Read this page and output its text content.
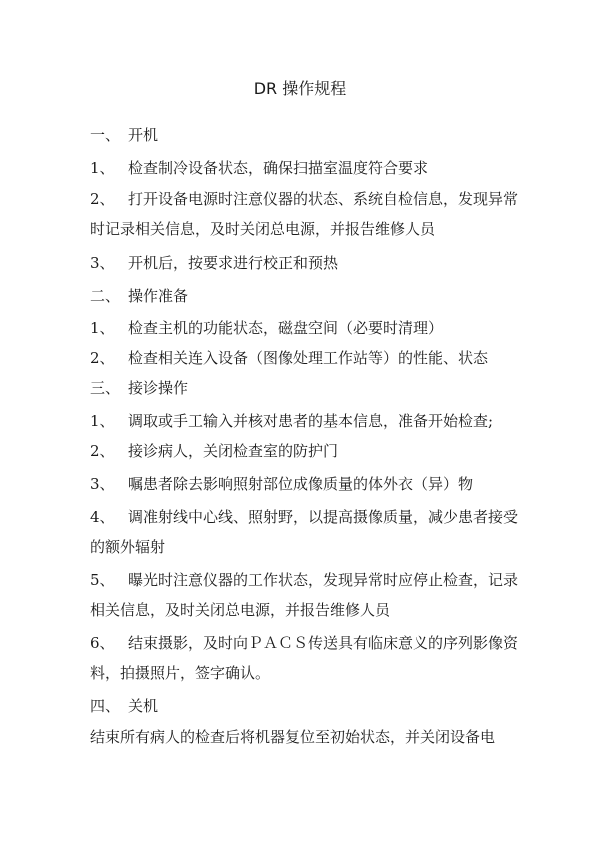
DR 操作规程
一、 开机
1、 检查制冷设备状态，确保扫描室温度符合要求
2、 打开设备电源时注意仪器的状态、系统自检信息，发现异常
时记录相关信息，及时关闭总电源，并报告维修人员
3、 开机后，按要求进行校正和预热
二、 操作准备
1、 检查主机的功能状态，磁盘空间（必要时清理）
2、 检查相关连入设备（图像处理工作站等）的性能、状态
三、 接诊操作
1、 调取或手工输入并核对患者的基本信息，准备开始检查;
2、 接诊病人，关闭检查室的防护门
3、 嘱患者除去影响照射部位成像质量的体外衣（异）物
4、 调准射线中心线、照射野，以提高摄像质量，减少患者接受
的额外辐射
5、 曝光时注意仪器的工作状态，发现异常时应停止检查，记录
相关信息，及时关闭总电源，并报告维修人员
6、 结束摄影，及时向ＰＡＣＳ传送具有临床意义的序列影像资
料，拍摄照片，签字确认。
四、 关机
结束所有病人的检查后将机器复位至初始状态，并关闭设备电
